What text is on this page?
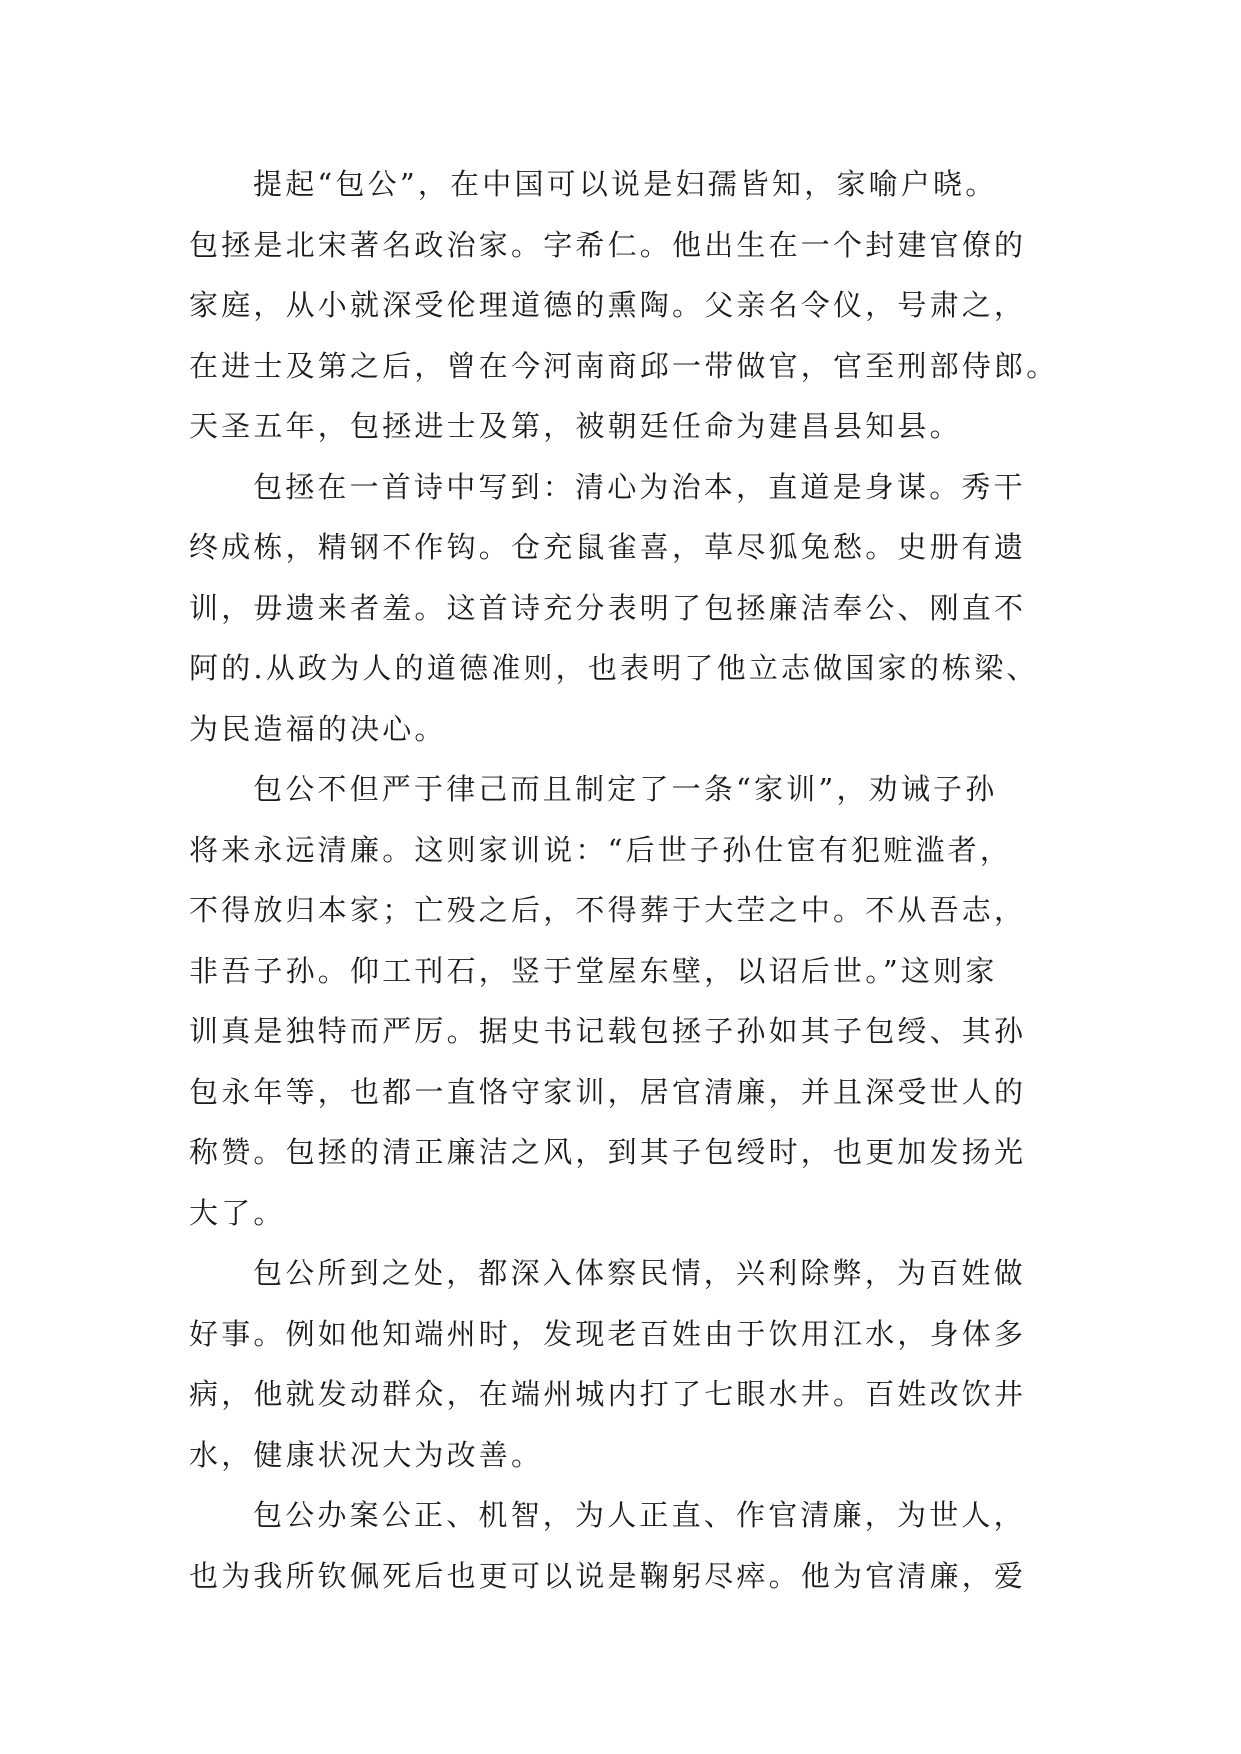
提起“包公”，在中国可以说是妇孺皆知，家喻户晓。
包拯是北宋著名政治家。字希仁。他出生在一个封建官僚的
家庭，从小就深受伦理道德的熏陶。父亲名令仪，号肃之，
在进士及第之后，曾在今河南商邱一带做官，官至刑部侍郎。
天圣五年，包拯进士及第，被朝廷任命为建昌县知县。
包拯在一首诗中写到：清心为治本，直道是身谋。秀干
终成栋，精钢不作钩。仓充鼠雀喜，草尽狐兔愁。史册有遗
训，毋遗来者羞。这首诗充分表明了包拯廉洁奉公、刚直不
阿的.从政为人的道德准则，也表明了他立志做国家的栋梁、
为民造福的决心。
包公不但严于律己而且制定了一条“家训”，劝诫子孙
将来永远清廉。这则家训说：“后世子孙仕宦有犯赃滥者，
不得放归本家；亡殁之后，不得葬于大茔之中。不从吾志，
非吾子孙。仰工刊石，竖于堂屋东壁，以诏后世。”这则家
训真是独特而严厉。据史书记载包拯子孙如其子包绶、其孙
包永年等，也都一直恪守家训，居官清廉，并且深受世人的
称赞。包拯的清正廉洁之风，到其子包绶时，也更加发扬光
大了。
包公所到之处，都深入体察民情，兴利除弊，为百姓做
好事。例如他知端州时，发现老百姓由于饮用江水，身体多
病，他就发动群众，在端州城内打了七眼水井。百姓改饮井
水，健康状况大为改善。
包公办案公正、机智，为人正直、作官清廉，为世人，
也为我所钦佩死后也更可以说是鞠躬尽瘁。他为官清廉，爱
